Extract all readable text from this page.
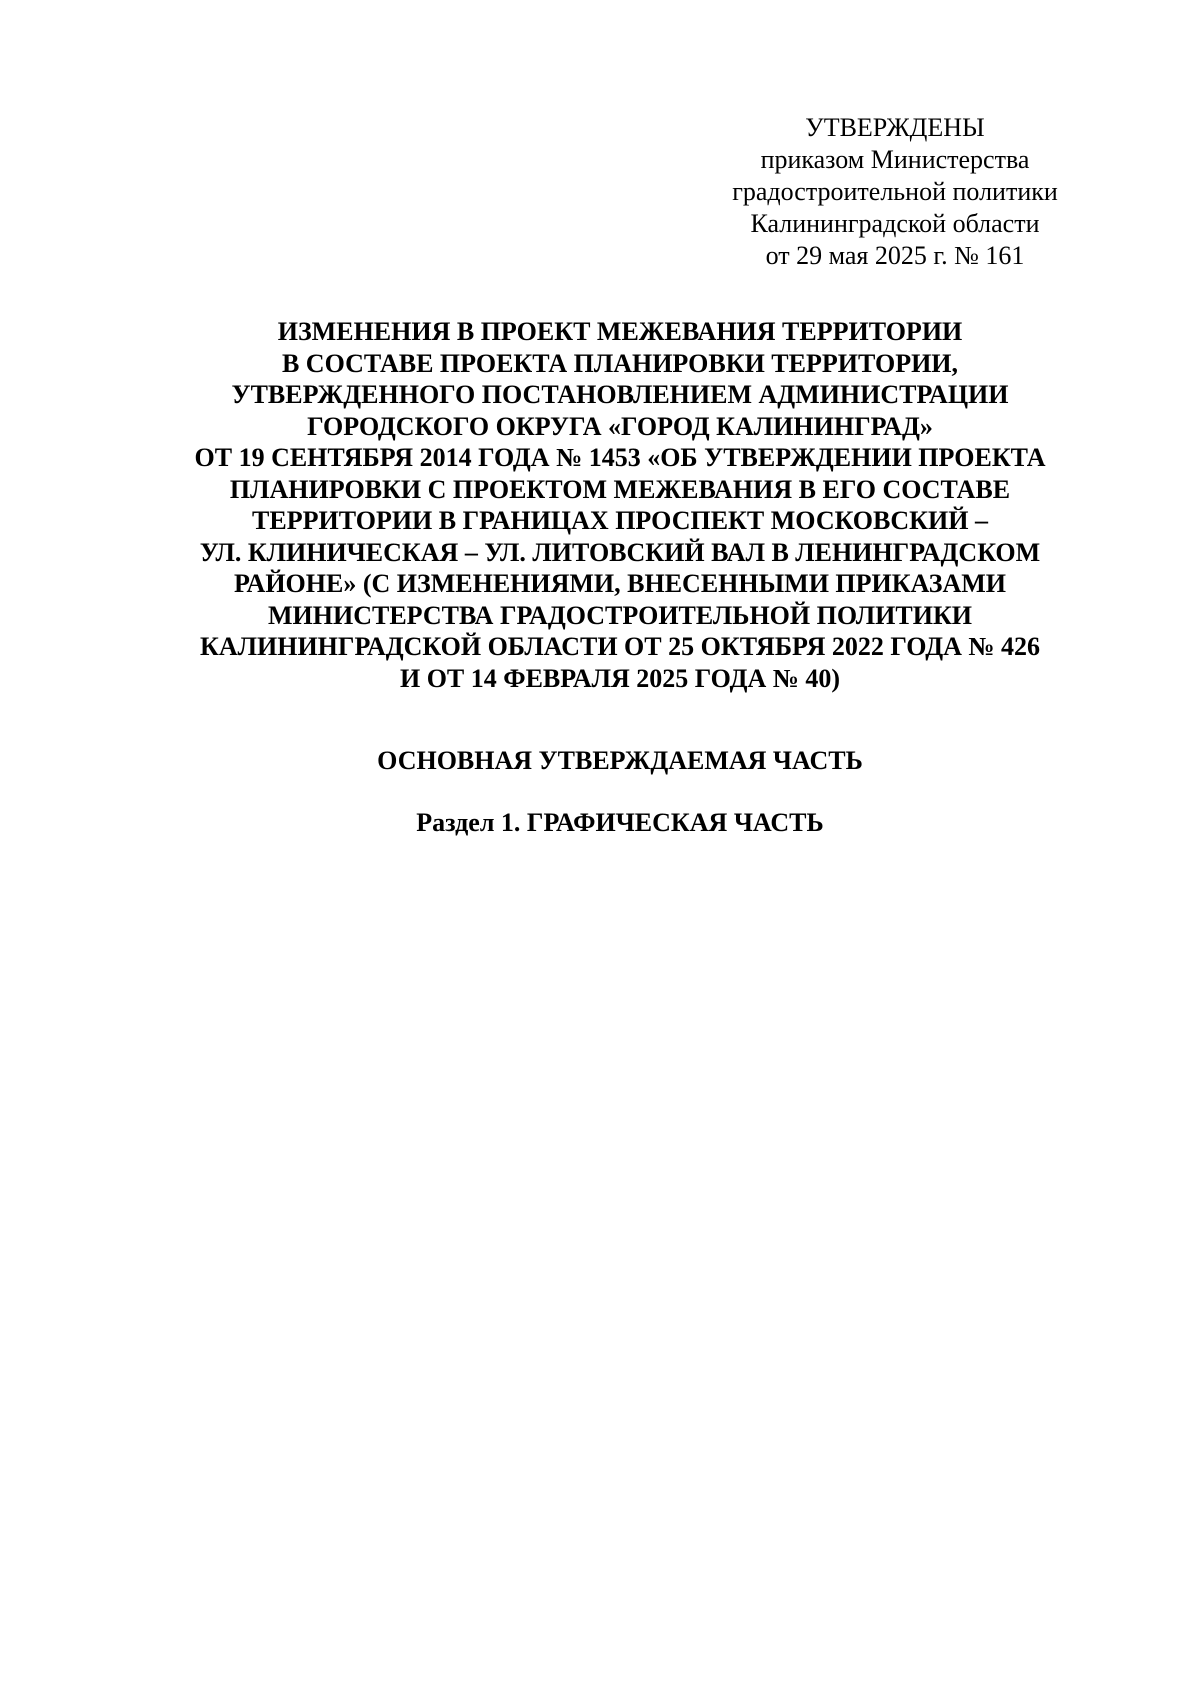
УТВЕРЖДЕНЫ
приказом Министерства
градостроительной политики
Калининградской области
от 29 мая 2025 г. № 161
ИЗМЕНЕНИЯ В ПРОЕКТ МЕЖЕВАНИЯ ТЕРРИТОРИИ
В СОСТАВЕ ПРОЕКТА ПЛАНИРОВКИ ТЕРРИТОРИИ,
УТВЕРЖДЕННОГО ПОСТАНОВЛЕНИЕМ АДМИНИСТРАЦИИ
ГОРОДСКОГО ОКРУГА «ГОРОД КАЛИНИНГРАД»
ОТ 19 СЕНТЯБРЯ 2014 ГОДА № 1453 «ОБ УТВЕРЖДЕНИИ ПРОЕКТА
ПЛАНИРОВКИ С ПРОЕКТОМ МЕЖЕВАНИЯ В ЕГО СОСТАВЕ
ТЕРРИТОРИИ В ГРАНИЦАХ ПРОСПЕКТ МОСКОВСКИЙ –
УЛ. КЛИНИЧЕСКАЯ – УЛ. ЛИТОВСКИЙ ВАЛ В ЛЕНИНГРАДСКОМ
РАЙОНЕ» (С ИЗМЕНЕНИЯМИ, ВНЕСЕННЫМИ ПРИКАЗАМИ
МИНИСТЕРСТВА ГРАДОСТРОИТЕЛЬНОЙ ПОЛИТИКИ
КАЛИНИНГРАДСКОЙ ОБЛАСТИ ОТ 25 ОКТЯБРЯ 2022 ГОДА № 426
И ОТ 14 ФЕВРАЛЯ 2025 ГОДА № 40)
ОСНОВНАЯ УТВЕРЖДАЕМАЯ ЧАСТЬ
Раздел 1. ГРАФИЧЕСКАЯ ЧАСТЬ
